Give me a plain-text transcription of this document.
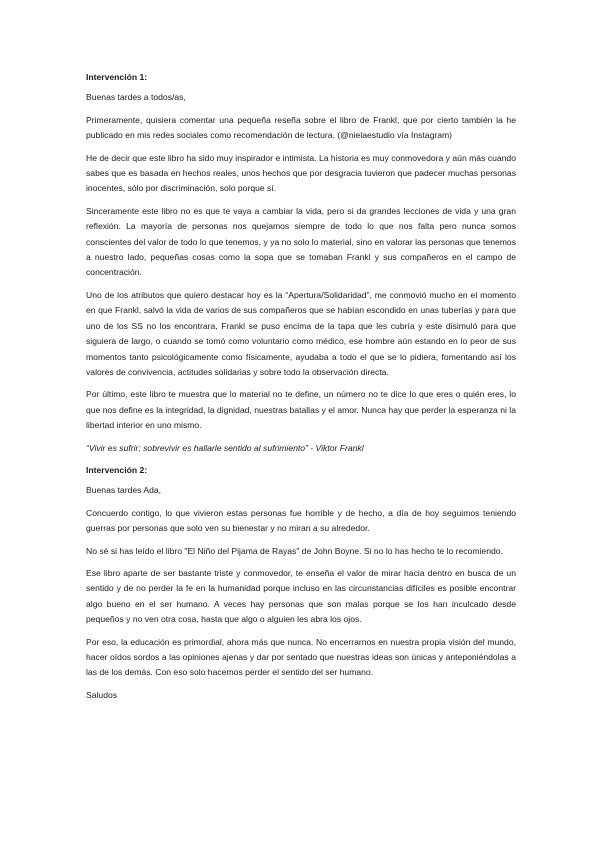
Intervención 1:

Buenas tardes a todos/as,

Primeramente, quisiera comentar una pequeña reseña sobre el libro de Frankl, que por cierto también la he publicado en mis redes sociales como recomendación de lectura. (@nielaestudio vía Instagram)

He de decir que este libro ha sido muy inspirador e intimista. La historia es muy conmovedora y aún más cuando sabes que es basada en hechos reales, unos hechos que por desgracia tuvieron que padecer muchas personas inocentes, sólo por discriminación, solo porque sí.

Sinceramente este libro no es que te vaya a cambiar la vida, pero si da grandes lecciones de vida y una gran reflexión. La mayoría de personas nos quejamos siempre de todo lo que nos falta pero nunca somos conscientes del valor de todo lo que tenemos, y ya no solo lo material, sino en valorar las personas que tenemos a nuestro lado, pequeñas cosas como la sopa que se tomaban Frankl y sus compañeros en el campo de concentración.

Uno de los atributos que quiero destacar hoy es la “Apertura/Solidaridad”, me conmovió mucho en el momento en que Frankl, salvó la vida de varios de sus compañeros que se habían escondido en unas tuberías y para que uno de los SS no los encontrara, Frankl se puso encima de la tapa que les cubría y este disimuló para que siguiera de largo, o cuando se tomó como voluntario como médico, ese hombre aún estando en lo peor de sus momentos tanto psicológicamente como físicamente, ayudaba a todo el que se lo pidiera, fomentando así los valores de convivencia, actitudes solidarias y sobre todo la observación directa.

Por último, este libro te muestra que lo material no te define, un número no te dice lo que eres o quién eres, lo que nos define es la integridad, la dignidad, nuestras batallas y el amor. Nunca hay que perder la esperanza ni la libertad interior en uno mismo.

“Vivir es sufrir; sobrevivir es hallarle sentido al sufrimiento” - Viktor Frankl

Intervención 2:

Buenas tardes Ada,

Concuerdo contigo, lo que vivieron estas personas fue horrible y de hecho, a día de hoy seguimos teniendo guerras por personas que solo ven su bienestar y no miran a su alrededor.

No sé si has leído el libro "El Niño del Pijama de Rayas" de John Boyne. Si no lo has hecho te lo recomiendo.

Ese libro aparte de ser bastante triste y conmovedor, te enseña el valor de mirar hacia dentro en busca de un sentido y de no perder la fe en la humanidad porque incluso en las circunstancias difíciles es posible encontrar algo bueno en el ser humano. A veces hay personas que son malas porque se los han inculcado desde pequeños y no ven otra cosa, hasta que algo o alguien les abra los ojos.

Por eso, la educación es primordial, ahora más que nunca. No encerrarnos en nuestra propia visión del mundo, hacer oídos sordos a las opiniones ajenas y dar por sentado que nuestras ideas son únicas y anteponiéndolas a las de los demás. Con eso solo hacemos perder el sentido del ser humano.

Saludos
